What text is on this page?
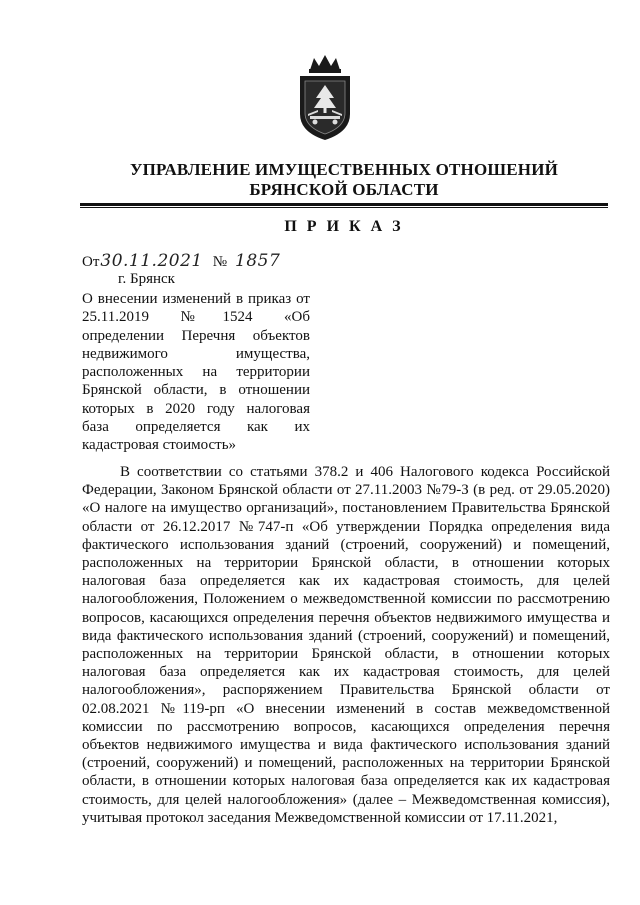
УПРАВЛЕНИЕ ИМУЩЕСТВЕННЫХ ОТНОШЕНИЙ
БРЯНСКОЙ ОБЛАСТИ
П Р И К А З
От30.11.2021 № 1857
г. Брянск
О внесении изменений в приказ от
25.11.2019 №1524 «Об
определении Перечня объектов
недвижимого имущества,
расположенных на территории
Брянской области, в отношении
которых в 2020 году налоговая
база определяется как их
кадастровая стоимость»
В соответствии со статьями 378.2 и 406 Налогового кодекса Российской
Федерации, Законом Брянской области от 27.11.2003 №79-З (в ред. от 29.05.2020)
«О налоге на имущество организаций», постановлением Правительства Брянской
области от 26.12.2017 №747-п «Об утверждении Порядка определения вида
фактического использования зданий (строений, сооружений) и помещений,
расположенных на территории Брянской области, в отношении которых
налоговая база определяется как их кадастровая стоимость, для целей
налогообложения, Положением о межведомственной комиссии по рассмотрению
вопросов, касающихся определения перечня объектов недвижимого имущества и
вида фактического использования зданий (строений, сооружений) и помещений,
расположенных на территории Брянской области, в отношении которых
налоговая база определяется как их кадастровая стоимость, для целей
налогообложения», распоряжением Правительства Брянской области от
02.08.2021 №119-рп «О внесении изменений в состав межведомственной
комиссии по рассмотрению вопросов, касающихся определения перечня
объектов недвижимого имущества и вида фактического использования зданий
(строений, сооружений) и помещений, расположенных на территории Брянской
области, в отношении которых налоговая база определяется как их кадастровая
стоимость, для целей налогообложения» (далее – Межведомственная комиссия),
учитывая протокол заседания Межведомственной комиссии от 17.11.2021,
